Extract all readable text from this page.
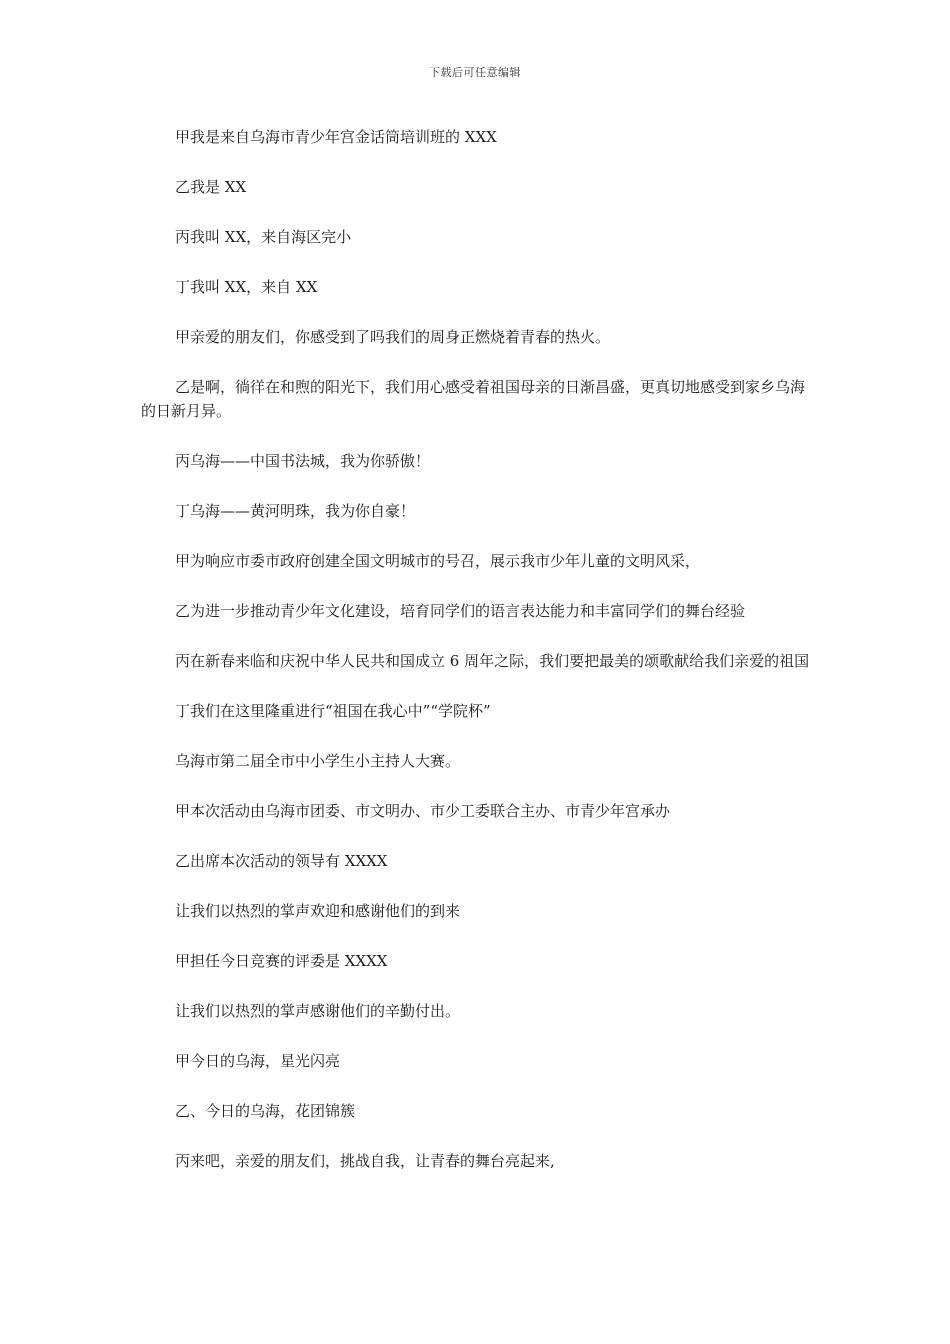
下载后可任意编辑

甲我是来自乌海市青少年宫金话筒培训班的 XXX

乙我是 XX

丙我叫 XX，来自海区完小

丁我叫 XX，来自 XX

甲亲爱的朋友们，你感受到了吗我们的周身正燃烧着青春的热火。

乙是啊，徜徉在和煦的阳光下，我们用心感受着祖国母亲的日渐昌盛，更真切地感受到家乡乌海的日新月异。

丙乌海——中国书法城，我为你骄傲！

丁乌海——黄河明珠，我为你自豪！

甲为响应市委市政府创建全国文明城市的号召，展示我市少年儿童的文明风采，

乙为进一步推动青少年文化建设，培育同学们的语言表达能力和丰富同学们的舞台经验

丙在新春来临和庆祝中华人民共和国成立 6 周年之际，我们要把最美的颂歌献给我们亲爱的祖国

丁我们在这里隆重进行“祖国在我心中”“学院杯”

乌海市第二届全市中小学生小主持人大赛。

甲本次活动由乌海市团委、市文明办、市少工委联合主办、市青少年宫承办

乙出席本次活动的领导有 XXXX

让我们以热烈的掌声欢迎和感谢他们的到来

甲担任今日竞赛的评委是 XXXX

让我们以热烈的掌声感谢他们的辛勤付出。

甲今日的乌海，星光闪亮

乙、今日的乌海，花团锦簇

丙来吧，亲爱的朋友们，挑战自我，让青春的舞台亮起来,
